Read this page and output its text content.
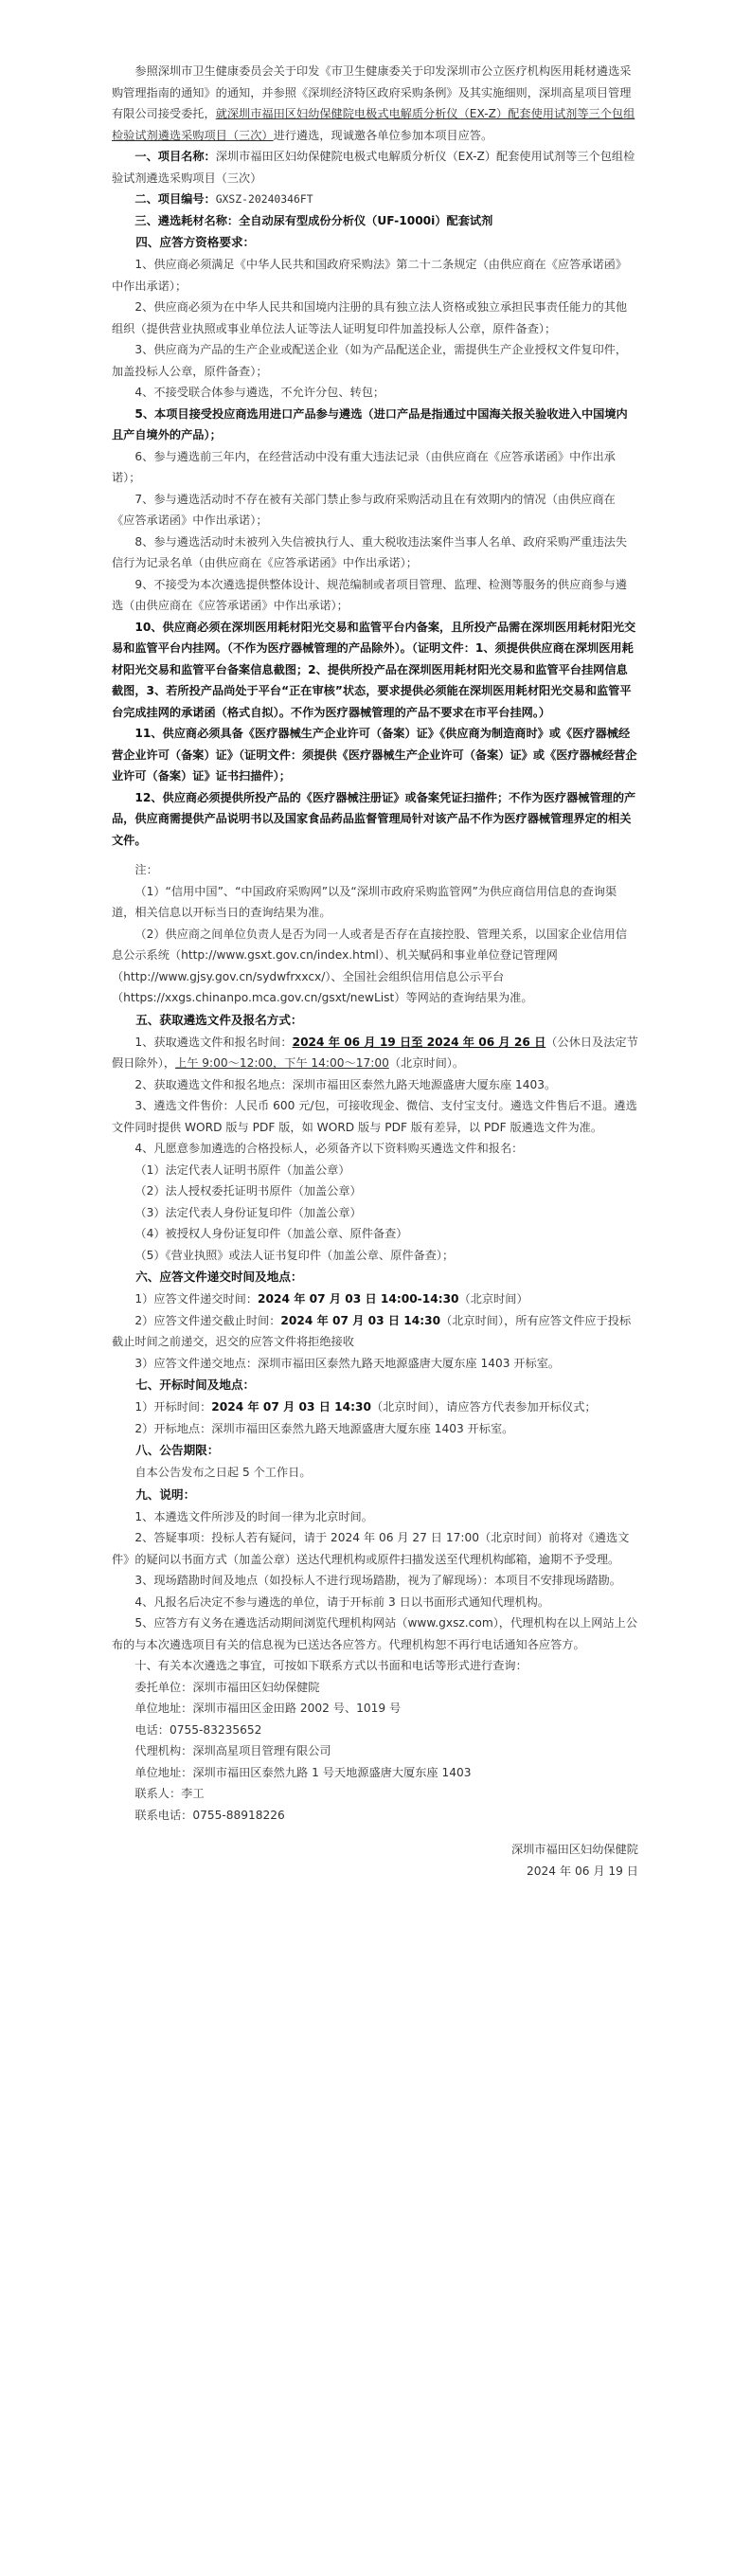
参照深圳市卫生健康委员会关于印发《市卫生健康委关于印发深圳市公立医疗机构医用耗材遴选采购管理指南的通知》的通知，并参照《深圳经济特区政府采购条例》及其实施细则，深圳高星项目管理有限公司接受委托，就深圳市福田区妇幼保健院电极式电解质分析仪（EX-Z）配套使用试剂等三个包组检验试剂遴选采购项目（三次）进行遴选，现诚邀各单位参加本项目应答。

一、项目名称：深圳市福田区妇幼保健院电极式电解质分析仪（EX-Z）配套使用试剂等三个包组检验试剂遴选采购项目（三次）

二、项目编号：GXSZ-20240346FT

三、遴选耗材名称：全自动尿有型成份分析仪（UF-1000i）配套试剂

四、应答方资格要求：

1、供应商必须满足《中华人民共和国政府采购法》第二十二条规定（由供应商在《应答承诺函》中作出承诺）；

2、供应商必须为在中华人民共和国境内注册的具有独立法人资格或独立承担民事责任能力的其他组织（提供营业执照或事业单位法人证等法人证明复印件加盖投标人公章，原件备查）；

3、供应商为产品的生产企业或配送企业（如为产品配送企业，需提供生产企业授权文件复印件，加盖投标人公章，原件备查）；

4、不接受联合体参与遴选，不允许分包、转包；

5、本项目接受投应商选用进口产品参与遴选（进口产品是指通过中国海关报关验收进入中国境内且产自境外的产品）；

6、参与遴选前三年内，在经营活动中没有重大违法记录（由供应商在《应答承诺函》中作出承诺）；

7、参与遴选活动时不存在被有关部门禁止参与政府采购活动且在有效期内的情况（由供应商在《应答承诺函》中作出承诺）；

8、参与遴选活动时未被列入失信被执行人、重大税收违法案件当事人名单、政府采购严重违法失信行为记录名单（由供应商在《应答承诺函》中作出承诺）；

9、不接受为本次遴选提供整体设计、规范编制或者项目管理、监理、检测等服务的供应商参与遴选（由供应商在《应答承诺函》中作出承诺）；

10、供应商必须在深圳医用耗材阳光交易和监管平台内备案，且所投产品需在深圳医用耗材阳光交易和监管平台内挂网。（不作为医疗器械管理的产品除外）。（证明文件：1、须提供供应商在深圳医用耗材阳光交易和监管平台备案信息截图；2、提供所投产品在深圳医用耗材阳光交易和监管平台挂网信息截图，3、若所投产品尚处于平台“正在审核”状态，要求提供必须能在深圳医用耗材阳光交易和监管平台完成挂网的承诺函（格式自拟）。不作为医疗器械管理的产品不要求在市平台挂网。）

11、供应商必须具备《医疗器械生产企业许可（备案）证》《供应商为制造商时》或《医疗器械经营企业许可（备案）证》（证明文件：须提供《医疗器械生产企业许可（备案）证》或《医疗器械经营企业许可（备案）证》证书扫描件）；

12、供应商必须提供所投产品的《医疗器械注册证》或备案凭证扫描件；不作为医疗器械管理的产品，供应商需提供产品说明书以及国家食品药品监督管理局针对该产品不作为医疗器械管理界定的相关文件。

注：

（1）“信用中国”、“中国政府采购网”以及“深圳市政府采购监管网”为供应商信用信息的查询渠道，相关信息以开标当日的查询结果为准。

（2）供应商之间单位负责人是否为同一人或者是否存在直接控股、管理关系，以国家企业信用信息公示系统（http://www.gsxt.gov.cn/index.html）、机关赋码和事业单位登记管理网（http://www.gjsy.gov.cn/sydwfrxxcx/）、全国社会组织信用信息公示平台（https://xxgs.chinanpo.mca.gov.cn/gsxt/newList）等网站的查询结果为准。

五、获取遴选文件及报名方式：

1、获取遴选文件和报名时间：2024 年 06 月 19 日至 2024 年 06 月 26 日（公休日及法定节假日除外），上午 9:00～12:00，下午 14:00～17:00（北京时间）。

2、获取遴选文件和报名地点：深圳市福田区泰然九路天地源盛唐大厦东座 1403。

3、遴选文件售价：人民币 600 元/包，可接收现金、微信、支付宝支付。遴选文件售后不退。遴选文件同时提供 WORD 版与 PDF 版，如 WORD 版与 PDF 版有差异，以 PDF 版遴选文件为准。

4、凡愿意参加遴选的合格投标人，必须备齐以下资料购买遴选文件和报名：

（1）法定代表人证明书原件（加盖公章）

（2）法人授权委托证明书原件（加盖公章）

（3）法定代表人身份证复印件（加盖公章）

（4）被授权人身份证复印件（加盖公章、原件备查）

（5）《营业执照》或法人证书复印件（加盖公章、原件备查）；

六、应答文件递交时间及地点：

1）应答文件递交时间：2024 年 07 月 03 日 14:00-14:30（北京时间）

2）应答文件递交截止时间：2024 年 07 月 03 日 14:30（北京时间），所有应答文件应于投标截止时间之前递交，迟交的应答文件将拒绝接收

3）应答文件递交地点：深圳市福田区泰然九路天地源盛唐大厦东座 1403 开标室。

七、开标时间及地点：

1）开标时间：2024 年 07 月 03 日 14:30（北京时间），请应答方代表参加开标仪式；

2）开标地点：深圳市福田区泰然九路天地源盛唐大厦东座 1403 开标室。

八、公告期限：

自本公告发布之日起 5 个工作日。

九、说明：

1、本遴选文件所涉及的时间一律为北京时间。

2、答疑事项：投标人若有疑问，请于 2024 年 06 月 27 日 17:00（北京时间）前将对《遴选文件》的疑问以书面方式（加盖公章）送达代理机构或原件扫描发送至代理机构邮箱，逾期不予受理。

3、现场踏勘时间及地点（如投标人不进行现场踏勘，视为了解现场）：本项目不安排现场踏勘。

4、凡报名后决定不参与遴选的单位，请于开标前 3 日以书面形式通知代理机构。

5、应答方有义务在遴选活动期间浏览代理机构网站（www.gxsz.com），代理机构在以上网站上公布的与本次遴选项目有关的信息视为已送达各应答方。代理机构恕不再行电话通知各应答方。

十、有关本次遴选之事宜，可按如下联系方式以书面和电话等形式进行查询：

委托单位：深圳市福田区妇幼保健院

单位地址：深圳市福田区金田路 2002 号、1019 号

电话：0755-83235652

代理机构：深圳高星项目管理有限公司

单位地址：深圳市福田区泰然九路 1 号天地源盛唐大厦东座 1403

联系人：李工

联系电话：0755-88918226

深圳市福田区妇幼保健院

2024 年 06 月 19 日
